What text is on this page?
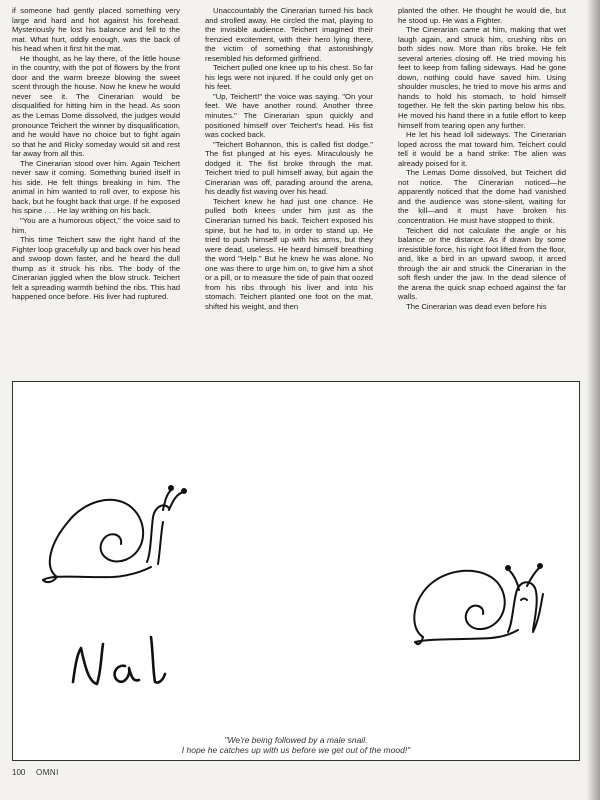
if someone had gently placed something very large and hard and hot against his forehead. Mysteriously he lost his balance and fell to the mat. What hurt, oddly enough, was the back of his head when it first hit the mat.

He thought, as he lay there, of the little house in the country, with the pot of flowers by the front door and the warm breeze blowing the sweet scent through the house. Now he knew he would never see it. The Cinerarian would be disqualified for hitting him in the head. As soon as the Lemas Dome dissolved, the judges would pronounce Teichert the winner by disqualification, and he would have no choice but to fight again so that he and Ricky someday would sit and rest far away from all this.

The Cinerarian stood over him. Again Teichert never saw it coming. Something buried itself in his side. He felt things breaking in him. The animal in him wanted to roll over, to expose his back, but he fought back that urge. If he exposed his spine . . . He lay writhing on his back.

"You are a humorous object," the voice said to him.

This time Teichert saw the right hand of the Fighter loop gracefully up and back over his head and swoop down faster, and he heard the dull thump as it struck his ribs. The body of the Cinerarian jiggled when the blow struck. Teichert felt a spreading warmth behind the ribs. This had happened once before. His liver had ruptured.

Unaccountably the Cinerarian turned his back and strolled away. He circled the mat, playing to the invisible audience. Teichert imagined their frenzied excitement, with their hero lying there, the victim of something that astonishingly resembled his deformed girlfriend.

Teichert pulled one knee up to his chest. So far his legs were not injured. If he could only get on his feet.

"Up, Teichert!" the voice was saying. "On your feet. We have another round. Another three minutes." The Cinerarian spun quickly and positioned himself over Teichert's head. His fist was cocked back.

"Teichert Bohannon, this is called fist dodge." The fist plunged at his eyes. Miraculously he dodged it. The fist broke through the mat. Teichert tried to pull himself away, but again the Cinerarian was off, parading around the arena, his deadly fist waving over his head.

Teichert knew he had just one chance. He pulled both knees under him just as the Cinerarian turned his back. Teichert exposed his spine, but he had to, in order to stand up. He tried to push himself up with his arms, but they were dead, useless. He heard himself breathing the word "Help." But he knew he was alone. No one was there to urge him on, to give him a shot or a pill, or to measure the tide of pain that oozed from his ribs through his liver and into his stomach. Teichert planted one foot on the mat, shifted his weight, and then

planted the other. He thought he would die, but he stood up. He was a Fighter.

The Cinerarian came at him, making that wet laugh again, and struck him, crushing ribs on both sides now. More than ribs broke. He felt several arteries closing off. He tried moving his feet to keep from falling sideways. Had he gone down, nothing could have saved him. Using shoulder muscles, he tried to move his arms and hands to hold his stomach, to hold himself together. He felt the skin parting below his ribs. He moved his hand there in a futile effort to keep himself from tearing open any further.

He let his head loll sideways. The Cinerarian loped across the mat toward him. Teichert could tell it would be a hand strike: The alien was already poised for it.

The Lemas Dome dissolved, but Teichert did not notice. The Cinerarian noticed—he apparently noticed that the dome had vanished and the audience was stone-silent, waiting for the kill—and it must have broken his concentration. He must have stopped to think.

Teichert did not calculate the angle or his balance or the distance. As if drawn by some irresistible force, his right foot lifted from the floor, and, like a bird in an upward swoop, it arced through the air and struck the Cinerarian in the soft flesh under the jaw. In the dead silence of the arena the quick snap echoed against the far walls.

The Cinerarian was dead even before his

"We're being followed by a male snail.
I hope he catches up with us before we get out of the mood!"
100 OMNI
